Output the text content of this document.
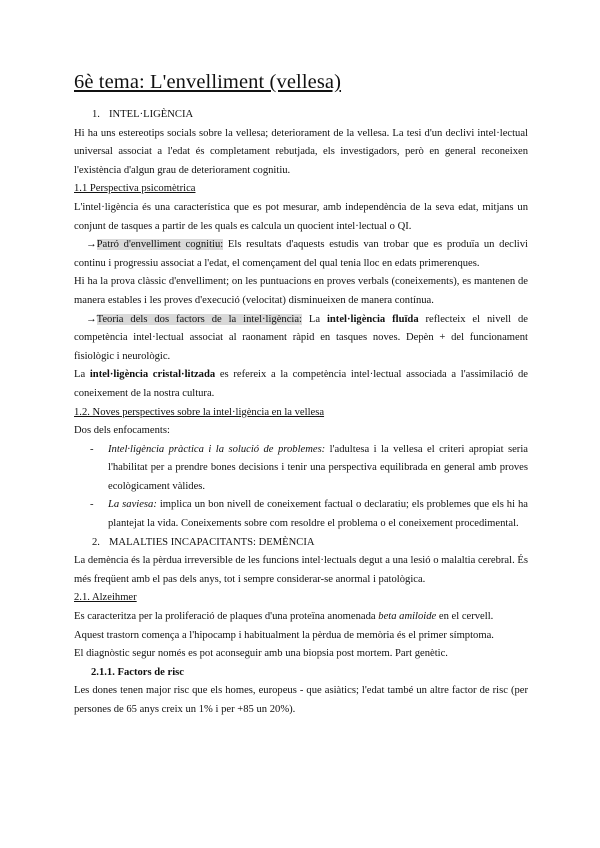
6è tema: L'envelliment (vellesa)
1. INTEL·LIGÈNCIA

Hi ha uns estereotips socials sobre la vellesa; deteriorament de la vellesa. La tesi d'un declivi intel·lectual universal associat a l'edat és completament rebutjada, els investigadors, però en general reconeixen l'existència d'algun grau de deteriorament cognitiu.

1.1 Perspectiva psicomètrica

L'intel·ligència és una característica que es pot mesurar, amb independència de la seva edat, mitjans un conjunt de tasques a partir de les quals es calcula un quocient intel·lectual o QI.

→Patró d'envelliment cognitiu: Els resultats d'aquests estudis van trobar que es produïa un declivi continu i progressiu associat a l'edat, el començament del qual tenia lloc en edats primerenques.

Hi ha la prova clàssic d'envelliment; on les puntuacions en proves verbals (coneixements), es mantenen de manera estables i les proves d'execució (velocitat) disminueixen de manera contínua.

→Teoria dels dos factors de la intel·ligència: La intel·ligència fluïda reflecteix el nivell de competència intel·lectual associat al raonament ràpid en tasques noves. Depèn + del funcionament fisiològic i neurològic.

La intel·ligència cristal·litzada es refereix a la competència intel·lectual associada a l'assimilació de coneixement de la nostra cultura.

1.2. Noves perspectives sobre la intel·ligència en la vellesa

Dos dels enfocaments:

- Intel·ligència pràctica i la solució de problemes: l'adultesa i la vellesa el criteri apropiat seria l'habilitat per a prendre bones decisions i tenir una perspectiva equilibrada en general amb proves ecològicament vàlides.
- La saviesa: implica un bon nivell de coneixement factual o declaratiu; els problemes que els hi ha plantejat la vida. Coneixements sobre com resoldre el problema o el coneixement procedimental.
2. MALALTIES INCAPACITANTS: DEMÈNCIA

La demència és la pèrdua irreversible de les funcions intel·lectuals degut a una lesió o malaltia cerebral. És més freqüent amb el pas dels anys, tot i sempre considerar-se anormal i patològica.

2.1. Alzeihmer

Es caracteritza per la proliferació de plaques d'una proteïna anomenada beta amiloide en el cervell.

Aquest trastorn comença a l'hipocamp i habitualment la pèrdua de memòria és el primer símptoma.

El diagnòstic segur només es pot aconseguir amb una biopsia post mortem. Part genètic.

2.1.1. Factors de risc

Les dones tenen major risc que els homes, europeus - que asiàtics; l'edat també un altre factor de risc (per persones de 65 anys creix un 1% i per +85 un 20%).
